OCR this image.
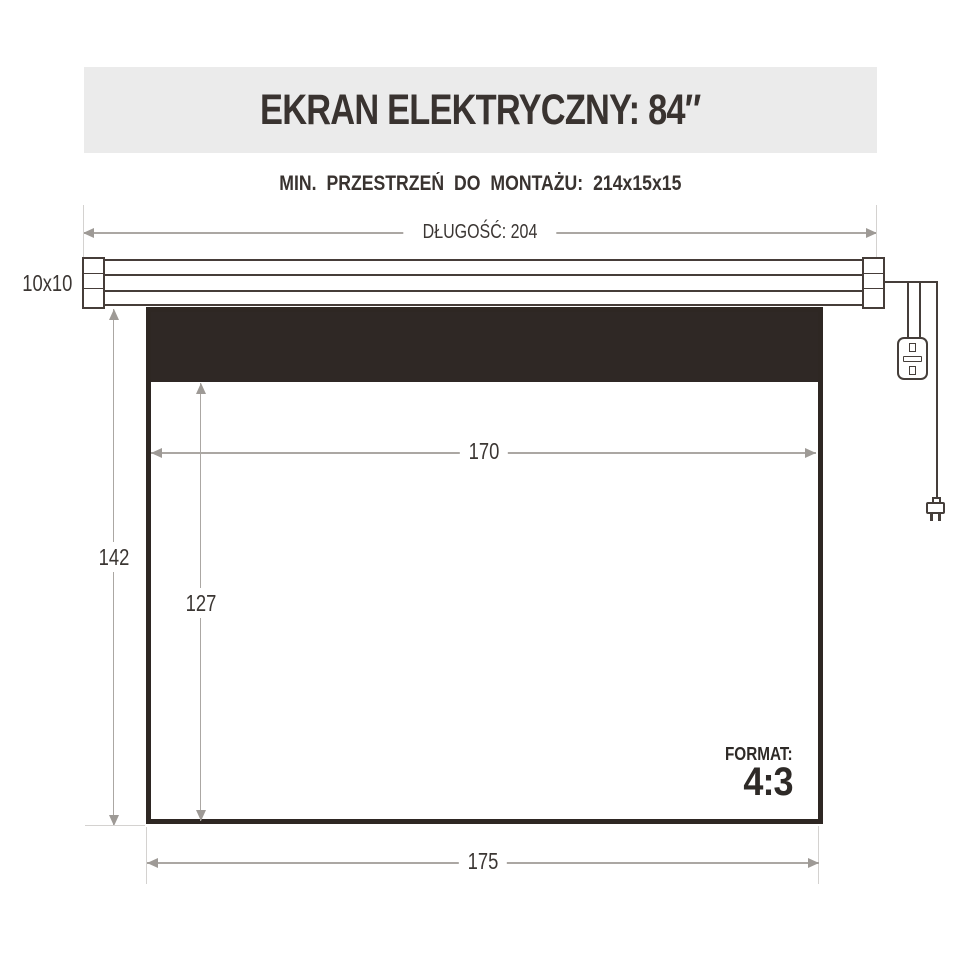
EKRAN ELEKTRYCZNY: 84″
MIN. PRZESTRZEŃ DO MONTAŻU: 214x15x15
DŁUGOŚĆ: 204
10x10
FORMAT:
4:3
170
142
127
175
